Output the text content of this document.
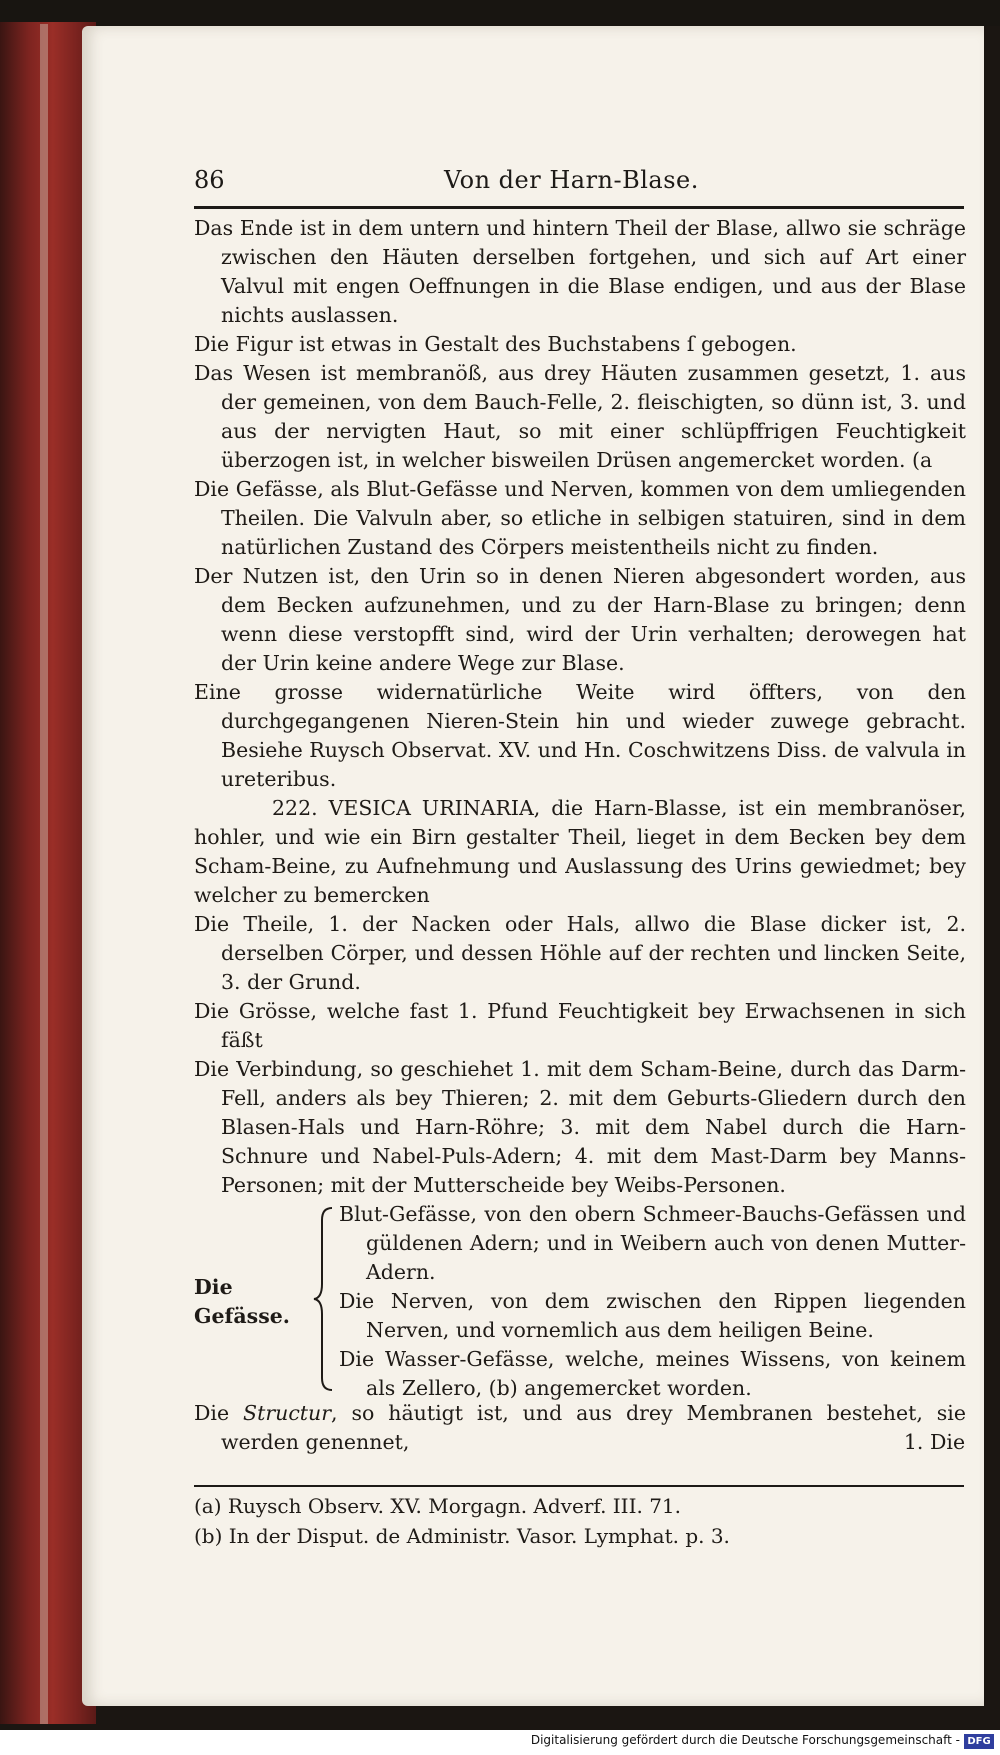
86	Von der Harn-Blase.

Das Ende ist in dem untern und hintern Theil der Blase, allwo sie schräge zwischen den Häuten derselben fortgehen, und sich auf Art einer Valvul mit engen Oeffnungen in die Blase endigen, und aus der Blase nichts auslassen.

Die Figur ist etwas in Gestalt des Buchstabens ſ gebogen.

Das Wesen ist membranöß, aus drey Häuten zusammen gesetzt, 1. aus der gemeinen, von dem Bauch-Felle, 2. fleischigten, so dünn ist, 3. und aus der nervigten Haut, so mit einer schlüpffrigen Feuchtigkeit überzogen ist, in welcher bisweilen Drüsen angemercket worden. (a

Die Gefässe, als Blut-Gefässe und Nerven, kommen von dem umliegenden Theilen. Die Valvuln aber, so etliche in selbigen statuiren, sind in dem natürlichen Zustand des Cörpers meistentheils nicht zu finden.

Der Nutzen ist, den Urin so in denen Nieren abgesondert worden, aus dem Becken aufzunehmen, und zu der Harn-Blase zu bringen; denn wenn diese verstopfft sind, wird der Urin verhalten; derowegen hat der Urin keine andere Wege zur Blase.

Eine grosse widernatürliche Weite wird öffters, von den durchgegangenen Nieren-Stein hin und wieder zuwege gebracht. Besiehe Ruysch Observat. XV. und Hn. Coschwitzens Diss. de valvula in ureteribus.

222. VESICA URINARIA, die Harn-Blasse, ist ein membranöser, hohler, und wie ein Birn gestalter Theil, lieget in dem Becken bey dem Scham-Beine, zu Aufnehmung und Auslassung des Urins gewiedmet; bey welcher zu bemercken

Die Theile, 1. der Nacken oder Hals, allwo die Blase dicker ist, 2. derselben Cörper, und dessen Höhle auf der rechten und lincken Seite, 3. der Grund.

Die Grösse, welche fast 1. Pfund Feuchtigkeit bey Erwachsenen in sich fäßt

Die Verbindung, so geschiehet 1. mit dem Scham-Beine, durch das Darm-Fell, anders als bey Thieren; 2. mit dem Geburts-Gliedern durch den Blasen-Hals und Harn-Röhre; 3. mit dem Nabel durch die Harn-Schnure und Nabel-Puls-Adern; 4. mit dem Mast-Darm bey Manns-Personen; mit der Mutterscheide bey Weibs-Personen.

Die Gefässe.

Blut-Gefässe, von den obern Schmeer-Bauchs-Gefässen und güldenen Adern; und in Weibern auch von denen Mutter-Adern.

Die Nerven, von dem zwischen den Rippen liegenden Nerven, und vornemlich aus dem heiligen Beine.

Die Wasser-Gefässe, welche, meines Wissens, von keinem als Zellero, (b) angemercket worden.

Die Structur, so häutigt ist, und aus drey Membranen bestehet, sie werden genennet,	1. Die

(a) Ruysch Observ. XV. Morgagn. Adverf. III. 71.

(b) In der Disput. de Administr. Vasor. Lymphat. p. 3.

Digitalisierung gefördert durch die Deutsche Forschungsgemeinschaft - DFG
